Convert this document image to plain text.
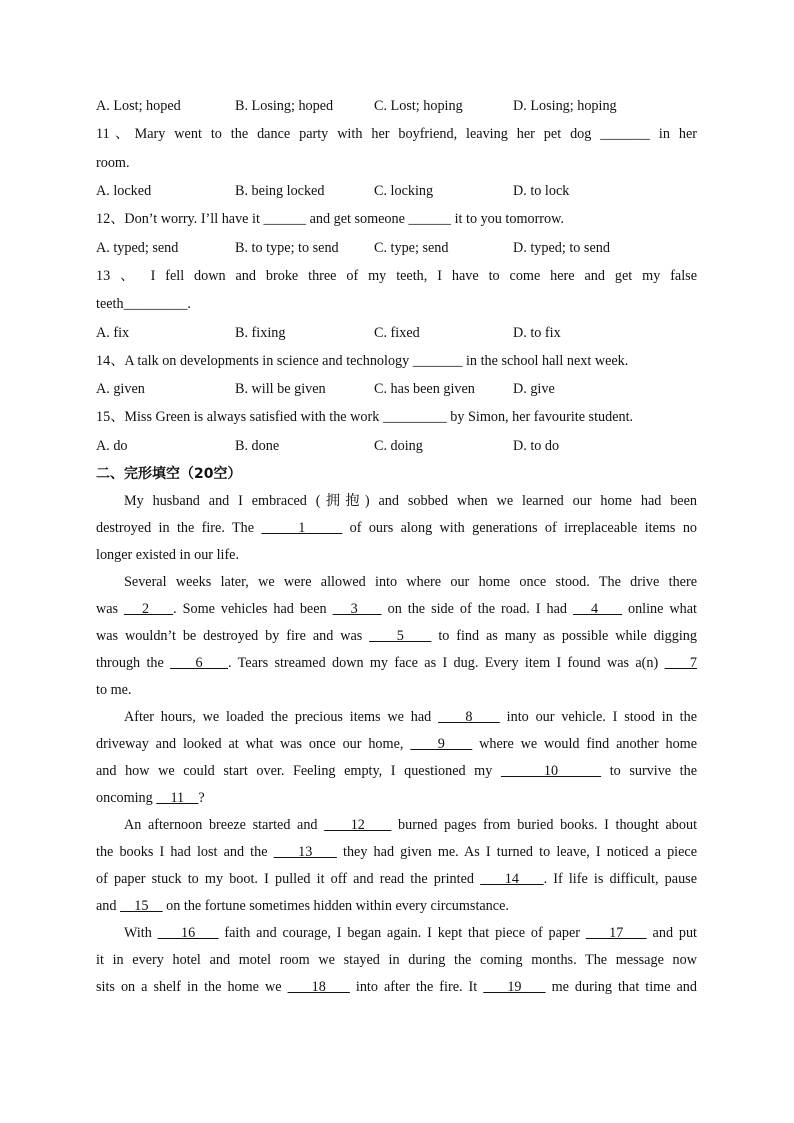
A. Lost; hoped	B. Losing; hoped	C. Lost; hoping	D. Losing; hoping
11、Mary went to the dance party with her boyfriend, leaving her pet dog _______ in her
room.
A. locked	B. being locked	C. locking	D. to lock
12、Don’t worry. I’ll have it ______ and get someone ______ it to you tomorrow.
A. typed; send	B. to type; to send	C. type; send	D. typed; to send
13 、 I fell down and broke three of my teeth, I have to come here and get my false
teeth_________.
A. fix	B. fixing	C. fixed	D. to fix
14、A talk on developments in science and technology _______ in the school hall next week.
A. given	B. will be given	C. has been given	D. give
15、Miss Green is always satisfied with the work _________ by Simon, her favourite student.
A. do	B. done	C. doing	D. to do
二、完形填空（20空）
My husband and I embraced (拥抱) and sobbed when we learned our home had been
destroyed in the fire. The      1      of ours along with generations of irreplaceable items no
longer existed in our life.
Several weeks later, we were allowed into where our home once stood. The drive there
was    2    . Some vehicles had been    3     on the side of the road. I had    4     online what
was wouldn’t be destroyed by fire and was     5     to find as many as possible while digging
through the     6    . Tears streamed down my face as I dug. Every item I found was a(n)     7
to me.
After hours, we loaded the precious items we had     8     into our vehicle. I stood in the
driveway and looked at what was once our home,     9     where we would find another home
and how we could start over. Feeling empty, I questioned my      10      to survive the
oncoming     11    ?
An afternoon breeze started and     12     burned pages from buried books. I thought about
the books I had lost and the     13     they had given me. As I turned to leave, I noticed a piece
of paper stuck to my boot. I pulled it off and read the printed     14    . If life is difficult, pause
and     15     on the fortune sometimes hidden within every circumstance.
With     16     faith and courage, I began again. I kept that piece of paper     17     and put
it in every hotel and motel room we stayed in during the coming months. The message now
sits on a shelf in the home we     18     into after the fire. It     19     me during that time and
